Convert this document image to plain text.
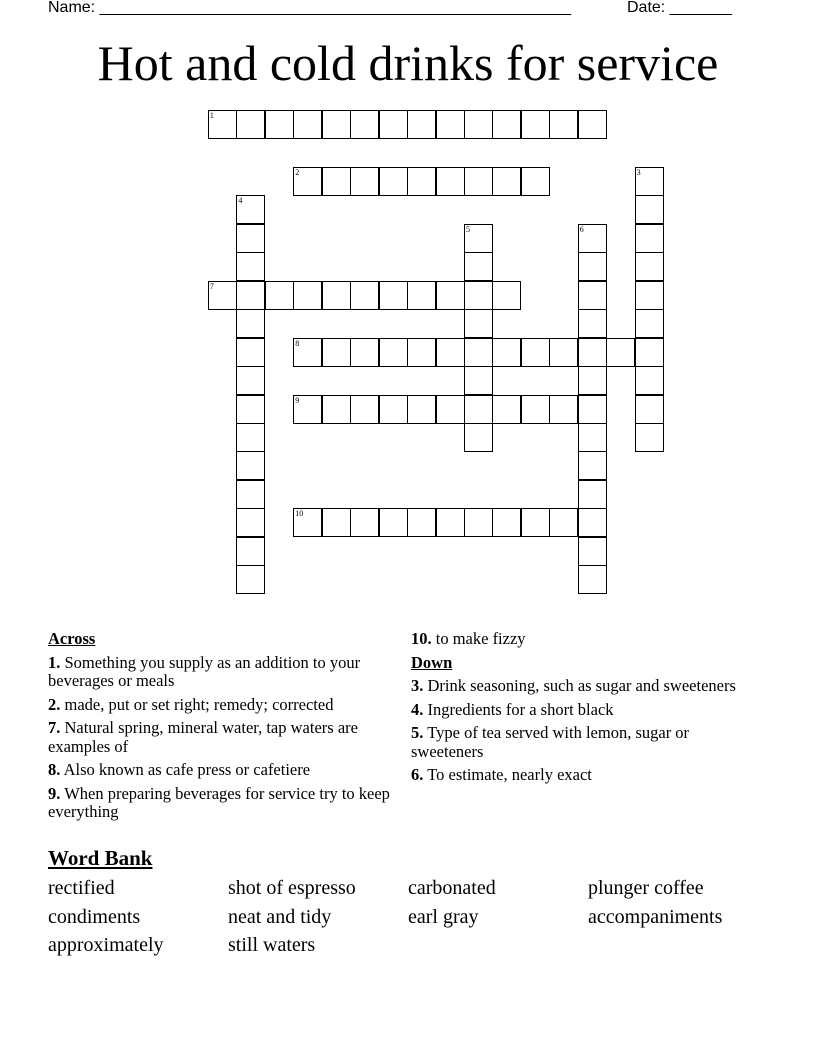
Name: _____________________________________________________	Date: _______
Hot and cold drinks for service
1
2	3
4
5	6
7
8
9
10
Across
1. Something you supply as an addition to your beverages or meals
2. made, put or set right; remedy; corrected
7. Natural spring, mineral water, tap waters are examples of
8. Also known as cafe press or cafetiere
9. When preparing beverages for service try to keep everything
10. to make fizzy
Down
3. Drink seasoning, such as sugar and sweeteners
4. Ingredients for a short black
5. Type of tea served with lemon, sugar or sweeteners
6. To estimate, nearly exact
Word Bank
rectified	shot of espresso	carbonated	plunger coffee
condiments	neat and tidy	earl gray	accompaniments
approximately	still waters
